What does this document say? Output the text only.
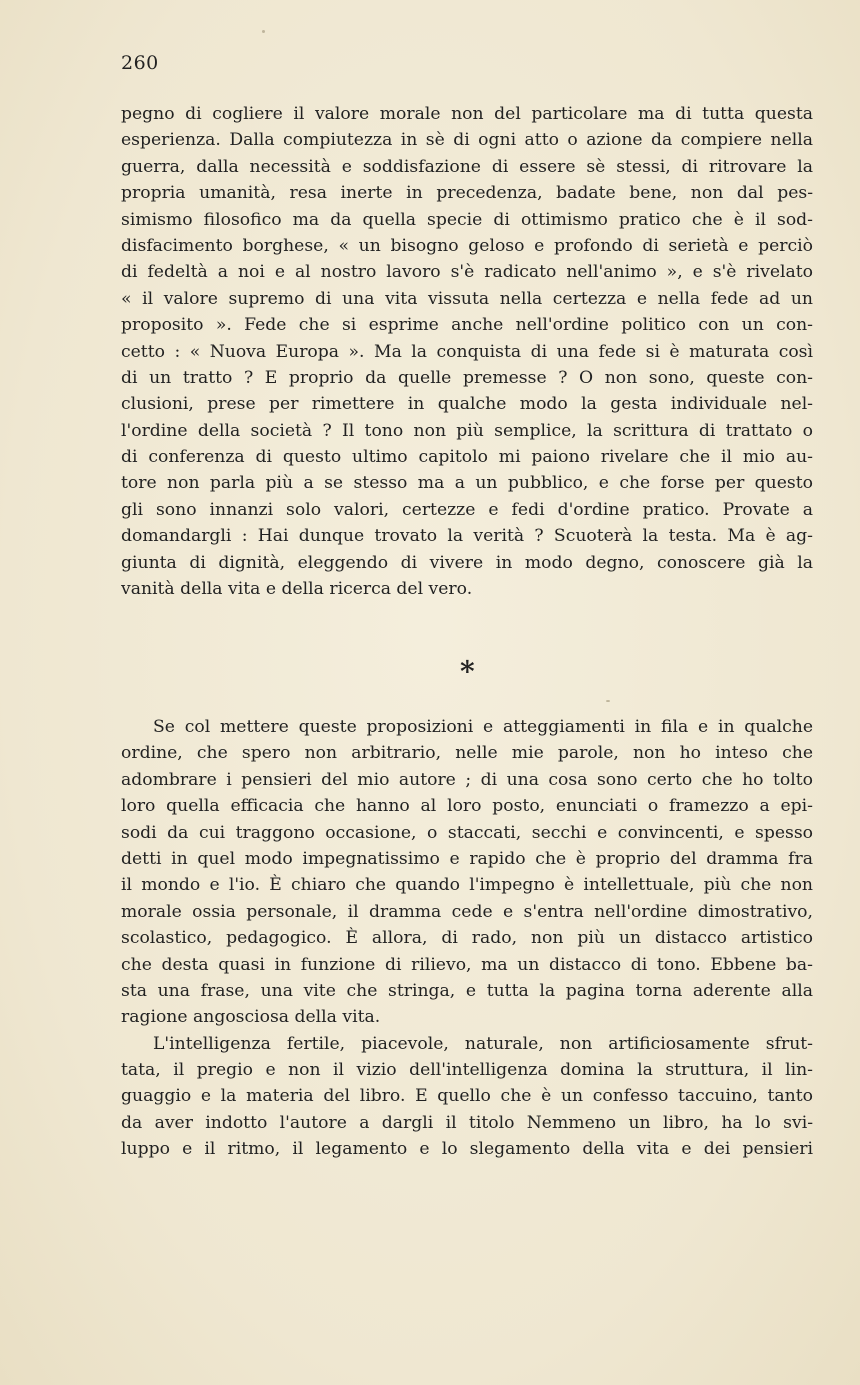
260
pegno di cogliere il valore morale non del particolare ma di tutta questa
esperienza. Dalla compiutezza in sè di ogni atto o azione da compiere nella
guerra, dalla necessità e soddisfazione di essere sè stessi, di ritrovare la
propria umanità, resa inerte in precedenza, badate bene, non dal pes-
simismo filosofico ma da quella specie di ottimismo pratico che è il sod-
disfacimento borghese, « un bisogno geloso e profondo di serietà e perciò
di fedeltà a noi e al nostro lavoro s'è radicato nell'animo », e s'è rivelato
« il valore supremo di una vita vissuta nella certezza e nella fede ad un
proposito ». Fede che si esprime anche nell'ordine politico con un con-
cetto : « Nuova Europa ». Ma la conquista di una fede si è maturata così
di un tratto ? E proprio da quelle premesse ? O non sono, queste con-
clusioni, prese per rimettere in qualche modo la gesta individuale nel-
l'ordine della società ? Il tono non più semplice, la scrittura di trattato o
di conferenza di questo ultimo capitolo mi paiono rivelare che il mio au-
tore non parla più a se stesso ma a un pubblico, e che forse per questo
gli sono innanzi solo valori, certezze e fedi d'ordine pratico. Provate a
domandargli : Hai dunque trovato la verità ? Scuoterà la testa. Ma è ag-
giunta di dignità, eleggendo di vivere in modo degno, conoscere già la
vanità della vita e della ricerca del vero.
*
Se col mettere queste proposizioni e atteggiamenti in fila e in qualche
ordine, che spero non arbitrario, nelle mie parole, non ho inteso che
adombrare i pensieri del mio autore ; di una cosa sono certo che ho tolto
loro quella efficacia che hanno al loro posto, enunciati o framezzo a epi-
sodi da cui traggono occasione, o staccati, secchi e convincenti, e spesso
detti in quel modo impegnatissimo e rapido che è proprio del dramma fra
il mondo e l'io. È chiaro che quando l'impegno è intellettuale, più che non
morale ossia personale, il dramma cede e s'entra nell'ordine dimostrativo,
scolastico, pedagogico. È allora, di rado, non più un distacco artistico
che desta quasi in funzione di rilievo, ma un distacco di tono. Ebbene ba-
sta una frase, una vite che stringa, e tutta la pagina torna aderente alla
ragione angosciosa della vita.
L'intelligenza fertile, piacevole, naturale, non artificiosamente sfrut-
tata, il pregio e non il vizio dell'intelligenza domina la struttura, il lin-
guaggio e la materia del libro. E quello che è un confesso taccuino, tanto
da aver indotto l'autore a dargli il titolo Nemmeno un libro, ha lo svi-
luppo e il ritmo, il legamento e lo slegamento della vita e dei pensieri
